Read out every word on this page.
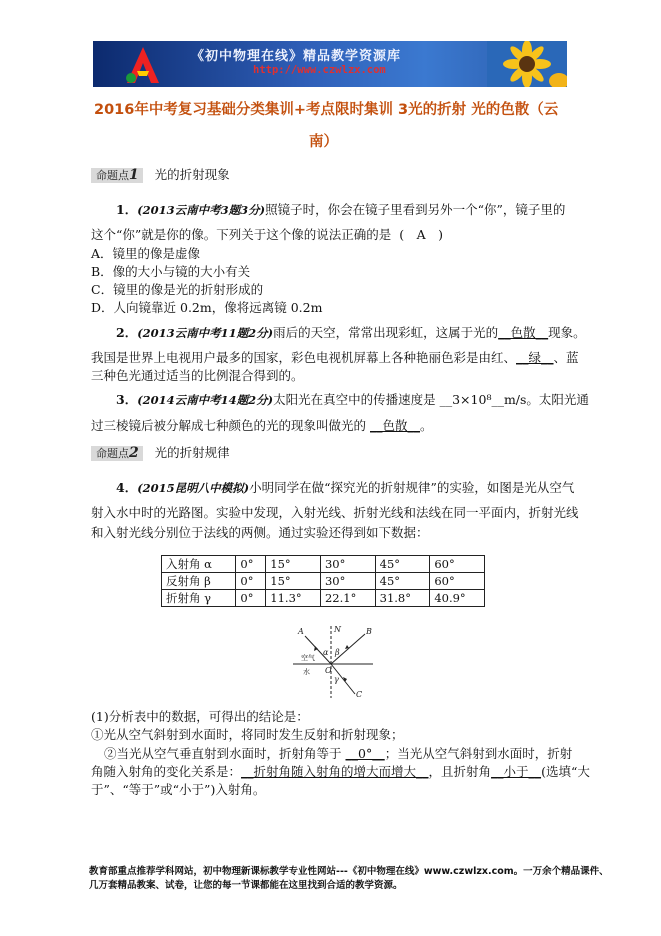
《初中物理在线》精品教学资源库
http://www.czwlzx.com
2016年中考复习基础分类集训+考点限时集训 3光的折射 光的色散（云
南）
命题点1 光的折射现象
1．(2013云南中考3题3分)照镜子时，你会在镜子里看到另外一个“你”，镜子里的
这个“你”就是你的像。下列关于这个像的说法正确的是 (　A　)
A．镜里的像是虚像
B．像的大小与镜的大小有关
C．镜里的像是光的折射形成的
D．人向镜靠近 0.2m，像将远离镜 0.2m
2．(2013云南中考11题2分)雨后的天空，常常出现彩虹，这属于光的__色散__现象。
我国是世界上电视用户最多的国家，彩色电视机屏幕上各种艳丽色彩是由红、__绿__、蓝
三种色光通过适当的比例混合得到的。
3．(2014云南中考14题2分)太阳光在真空中的传播速度是 __3×10⁸__m/s。太阳光通
过三棱镜后被分解成七种颜色的光的现象叫做光的 __色散__。
命题点2 光的折射规律
4．(2015昆明八中模拟)小明同学在做“探究光的折射规律”的实验，如图是光从空气
射入水中时的光路图。实验中发现，入射光线、折射光线和法线在同一平面内，折射光线
和入射光线分别位于法线的两侧。通过实验还得到如下数据：
入射角 α	0°	15°	30°	45°	60°
反射角 β	0°	15°	30°	45°	60°
折射角 γ	0°	11.3°	22.1°	31.8°	40.9°
A	B
C
N
O
α β
γ
空气
水
(1)分析表中的数据，可得出的结论是：
①光从空气斜射到水面时，将同时发生反射和折射现象；
②当光从空气垂直射到水面时，折射角等于 __0°__；当光从空气斜射到水面时，折射
角随入射角的变化关系是：__折射角随入射角的增大而增大__，且折射角__小于__(选填“大
于”、“等于”或“小于”)入射角。
教育部重点推荐学科网站，初中物理新课标教学专业性网站---《初中物理在线》www.czwlzx.com。一万余个精品课件、
几万套精品教案、试卷，让您的每一节课都能在这里找到合适的教学资源。
